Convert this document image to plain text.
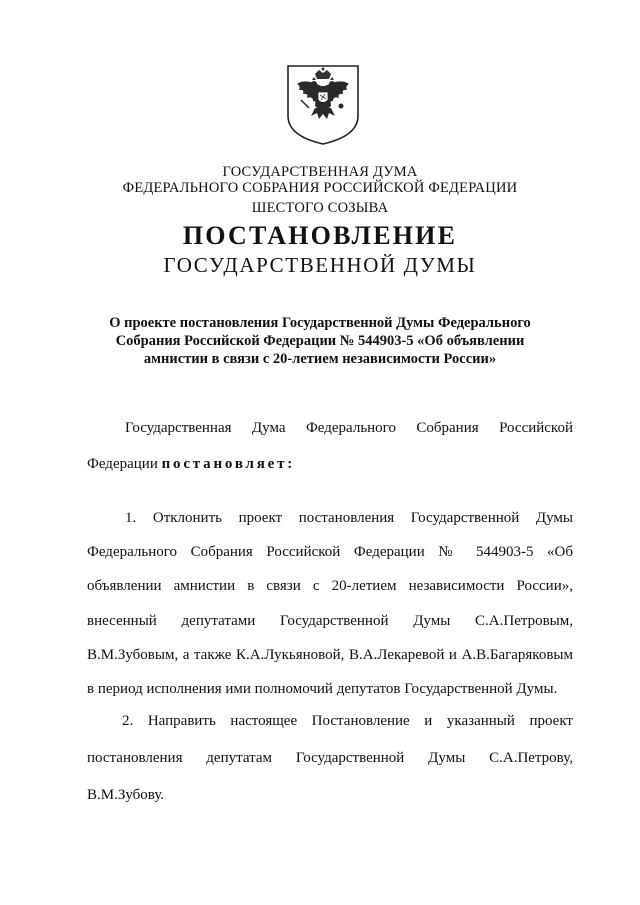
ГОСУДАРСТВЕННАЯ ДУМА
ФЕДЕРАЛЬНОГО СОБРАНИЯ РОССИЙСКОЙ ФЕДЕРАЦИИ
ШЕСТОГО СОЗЫВА
ПОСТАНОВЛЕНИЕ
ГОСУДАРСТВЕННОЙ ДУМЫ
О проекте постановления Государственной Думы Федерального
Собрания Российской Федерации № 544903-5 «Об объявлении
амнистии в связи с 20-летием независимости России»
Государственная Дума Федерального Собрания Российской
Федерации постановляет:
1. Отклонить проект постановления Государственной Думы
Федерального Собрания Российской Федерации № 544903-5 «Об
объявлении амнистии в связи с 20-летием независимости России»,
внесенный депутатами Государственной Думы С.А.Петровым,
В.М.Зубовым, а также К.А.Лукьяновой, В.А.Лекаревой и А.В.Багаряковым
в период исполнения ими полномочий депутатов Государственной Думы.
2. Направить настоящее Постановление и указанный проект
постановления депутатам Государственной Думы С.А.Петрову,
В.М.Зубову.
